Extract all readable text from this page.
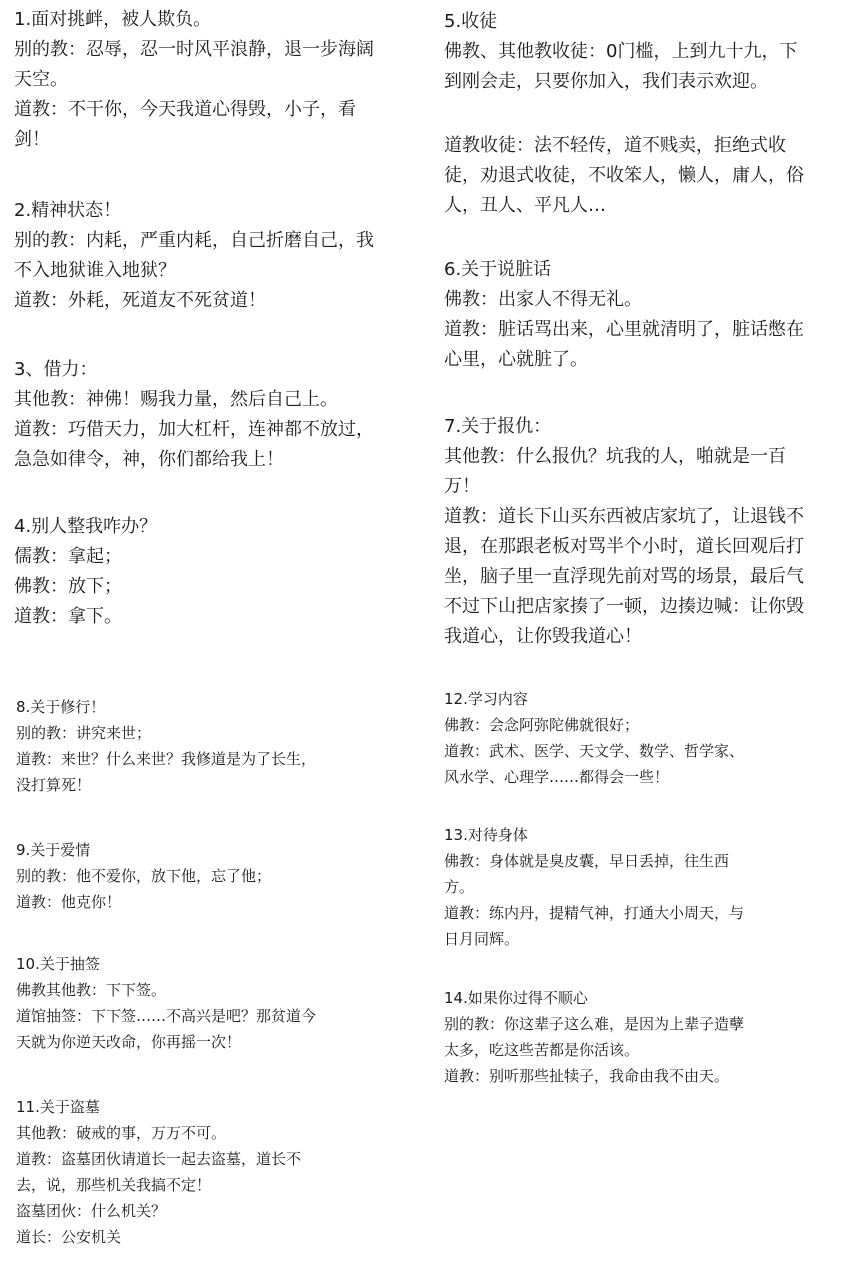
1.面对挑衅，被人欺负。

别的教：忍辱，忍一时风平浪静，退一步海阔

天空。

道教：不干你，今天我道心得毁，小子，看

剑！

2.精神状态！

别的教：内耗，严重内耗，自己折磨自己，我

不入地狱谁入地狱？

道教：外耗，死道友不死贫道！

3、借力：

其他教：神佛！赐我力量，然后自己上。

道教：巧借天力，加大杠杆，连神都不放过，

急急如律令，神，你们都给我上！

4.别人整我咋办？

儒教：拿起；

佛教：放下；

道教：拿下。

8.关于修行！

别的教：讲究来世；

道教：来世？什么来世？我修道是为了长生，

没打算死！

9.关于爱情

别的教：他不爱你，放下他，忘了他；

道教：他克你！

10.关于抽签

佛教其他教：下下签。

道馆抽签：下下签……不高兴是吧？那贫道今

天就为你逆天改命，你再摇一次！

11.关于盗墓

其他教：破戒的事，万万不可。

道教：盗墓团伙请道长一起去盗墓，道长不

去，说，那些机关我搞不定！

盗墓团伙：什么机关？

道长：公安机关

5.收徒

佛教、其他教收徒：0门槛，上到九十九，下

到刚会走，只要你加入，我们表示欢迎。

道教收徒：法不轻传，道不贱卖，拒绝式收

徒，劝退式收徒，不收笨人，懒人，庸人，俗

人，丑人、平凡人…

6.关于说脏话

佛教：出家人不得无礼。

道教：脏话骂出来，心里就清明了，脏话憋在

心里，心就脏了。

7.关于报仇：

其他教：什么报仇？坑我的人，啪就是一百

万！

道教：道长下山买东西被店家坑了，让退钱不

退，在那跟老板对骂半个小时，道长回观后打

坐，脑子里一直浮现先前对骂的场景，最后气

不过下山把店家揍了一顿，边揍边喊：让你毁

我道心，让你毁我道心！

12.学习内容

佛教：会念阿弥陀佛就很好；

道教：武术、医学、天文学、数学、哲学家、

风水学、心理学……都得会一些！

13.对待身体

佛教：身体就是臭皮囊，早日丢掉，往生西

方。

道教：练内丹，提精气神，打通大小周天，与

日月同辉。

14.如果你过得不顺心

别的教：你这辈子这么难，是因为上辈子造孽

太多，吃这些苦都是你活该。

道教：别听那些扯犊子，我命由我不由天。
